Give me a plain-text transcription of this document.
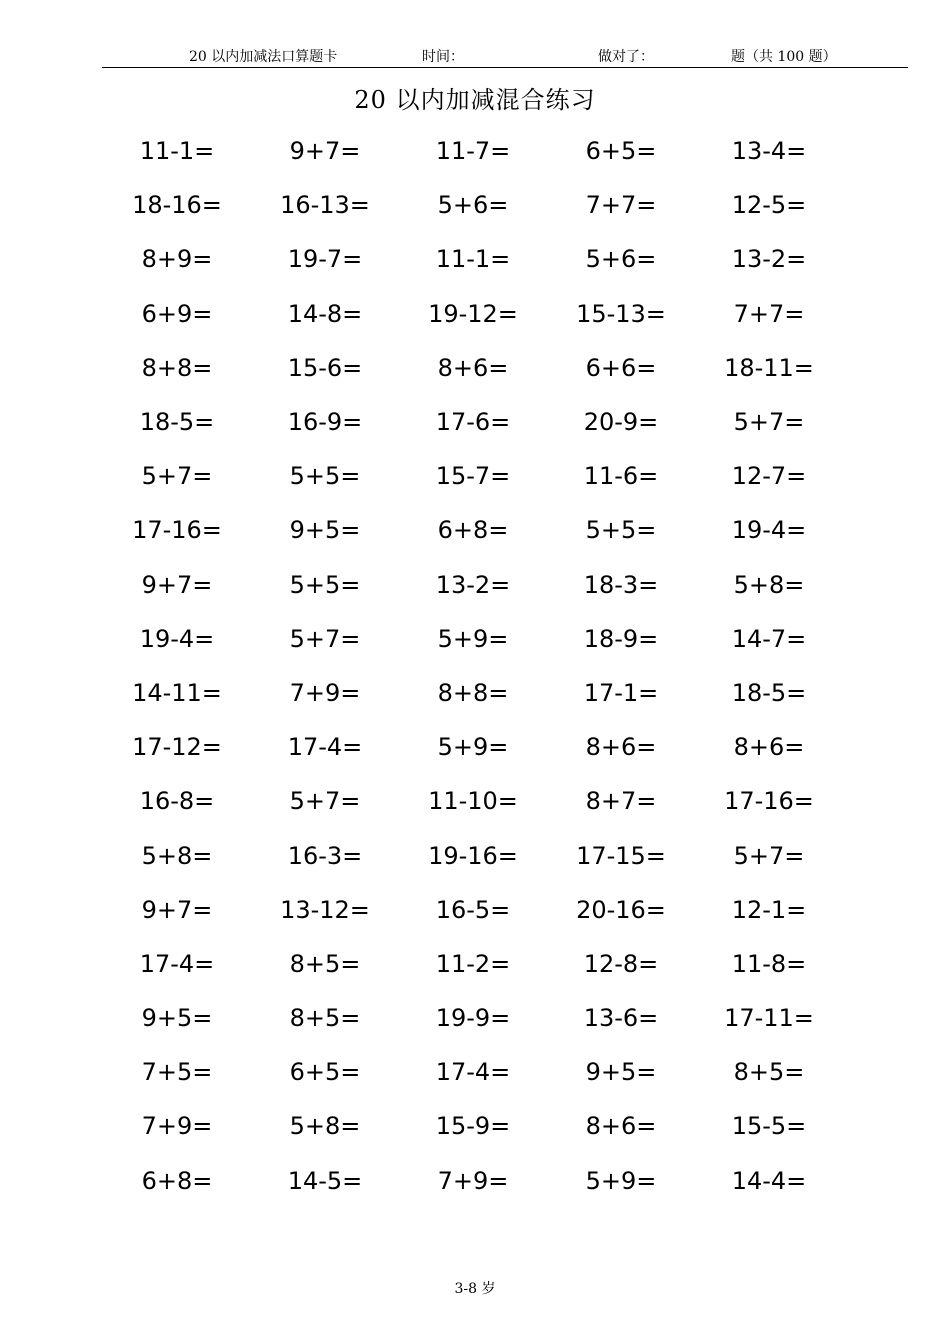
20 以内加减法口算题卡	时间：	做对了：	题（共 100 题）
20 以内加减混合练习
11-1=	9+7=	11-7=	6+5=	13-4=
18-16=	16-13=	5+6=	7+7=	12-5=
8+9=	19-7=	11-1=	5+6=	13-2=
6+9=	14-8=	19-12=	15-13=	7+7=
8+8=	15-6=	8+6=	6+6=	18-11=
18-5=	16-9=	17-6=	20-9=	5+7=
5+7=	5+5=	15-7=	11-6=	12-7=
17-16=	9+5=	6+8=	5+5=	19-4=
9+7=	5+5=	13-2=	18-3=	5+8=
19-4=	5+7=	5+9=	18-9=	14-7=
14-11=	7+9=	8+8=	17-1=	18-5=
17-12=	17-4=	5+9=	8+6=	8+6=
16-8=	5+7=	11-10=	8+7=	17-16=
5+8=	16-3=	19-16=	17-15=	5+7=
9+7=	13-12=	16-5=	20-16=	12-1=
17-4=	8+5=	11-2=	12-8=	11-8=
9+5=	8+5=	19-9=	13-6=	17-11=
7+5=	6+5=	17-4=	9+5=	8+5=
7+9=	5+8=	15-9=	8+6=	15-5=
6+8=	14-5=	7+9=	5+9=	14-4=
3-8 岁
